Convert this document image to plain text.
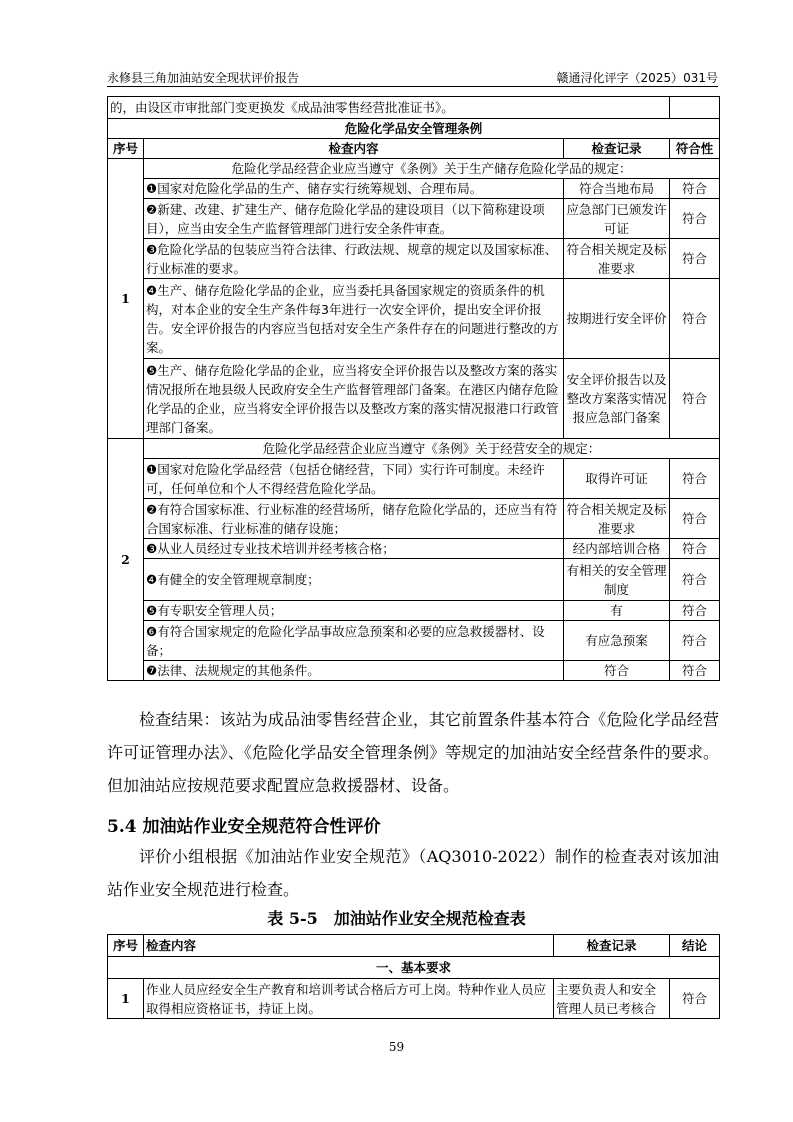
永修县三角加油站安全现状评价报告	赣通浔化评字（2025）031号
的，由设区市审批部门变更换发《成品油零售经营批准证书》。			
危险化学品安全管理条例			
序号	检查内容	检查记录	符合性
1	危险化学品经营企业应当遵守《条例》关于生产储存危险化学品的规定：		
	❶国家对危险化学品的生产、储存实行统筹规划、合理布局。	符合当地布局	符合
	❷新建、改建、扩建生产、储存危险化学品的建设项目（以下简称建设项目），应当由安全生产监督管理部门进行安全条件审查。	应急部门已颁发许可证	符合
	❸危险化学品的包装应当符合法律、行政法规、规章的规定以及国家标准、行业标准的要求。	符合相关规定及标准要求	符合
	❹生产、储存危险化学品的企业，应当委托具备国家规定的资质条件的机构，对本企业的安全生产条件每3年进行一次安全评价，提出安全评价报告。安全评价报告的内容应当包括对安全生产条件存在的问题进行整改的方案。	按期进行安全评价	符合
	❺生产、储存危险化学品的企业，应当将安全评价报告以及整改方案的落实情况报所在地县级人民政府安全生产监督管理部门备案。在港区内储存危险化学品的企业，应当将安全评价报告以及整改方案的落实情况报港口行政管理部门备案。	安全评价报告以及整改方案落实情况报应急部门备案	符合
2	危险化学品经营企业应当遵守《条例》关于经营安全的规定：		
	❶国家对危险化学品经营（包括仓储经营，下同）实行许可制度。未经许可，任何单位和个人不得经营危险化学品。	取得许可证	符合
	❷有符合国家标准、行业标准的经营场所，储存危险化学品的，还应当有符合国家标准、行业标准的储存设施；	符合相关规定及标准要求	符合
	❸从业人员经过专业技术培训并经考核合格；	经内部培训合格	符合
	❹有健全的安全管理规章制度；	有相关的安全管理制度	符合
	❺有专职安全管理人员；	有	符合
	❻有符合国家规定的危险化学品事故应急预案和必要的应急救援器材、设备；	有应急预案	符合
	❼法律、法规规定的其他条件。	符合	符合
检查结果：该站为成品油零售经营企业，其它前置条件基本符合《危险化学品经营许可证管理办法》、《危险化学品安全管理条例》等规定的加油站安全经营条件的要求。但加油站应按规范要求配置应急救援器材、设备。
5.4 加油站作业安全规范符合性评价
评价小组根据《加油站作业安全规范》（AQ3010-2022）制作的检查表对该加油站作业安全规范进行检查。
表 5-5　加油站作业安全规范检查表
序号	检查内容	检查记录	结论
一、基本要求			
1	作业人员应经安全生产教育和培训考试合格后方可上岗。特种作业人员应取得相应资格证书，持证上岗。	主要负责人和安全管理人员已考核合	符合
59
